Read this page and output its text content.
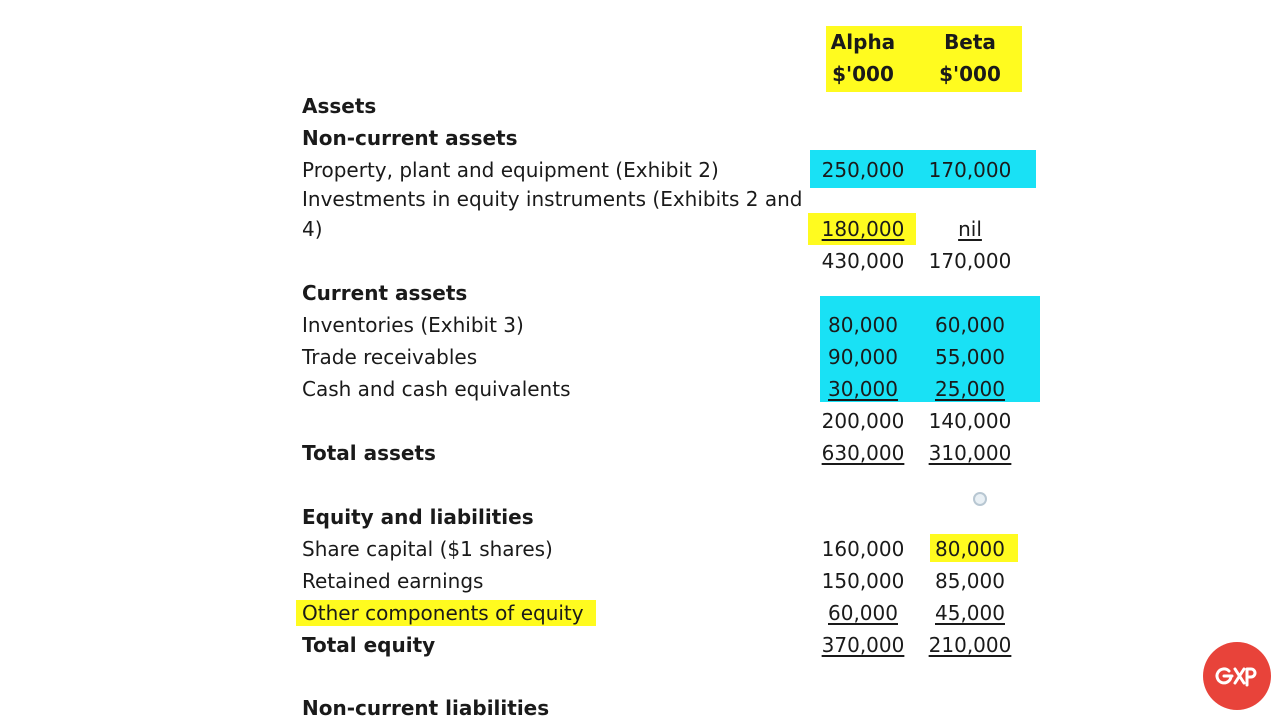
Alpha
$'000
Beta
$'000
Assets
Non-current assets
Property, plant and equipment (Exhibit 2)
Investments in equity instruments (Exhibits 2 and
4)
Current assets
Inventories (Exhibit 3)
Trade receivables
Cash and cash equivalents
Total assets
Equity and liabilities
Share capital ($1 shares)
Retained earnings
Other components of equity
Total equity
Non-current liabilities
250,000
180,000
430,000
80,000
90,000
30,000
200,000
630,000
160,000
150,000
60,000
370,000
170,000
nil
170,000
60,000
55,000
25,000
140,000
310,000
80,000
85,000
45,000
210,000
